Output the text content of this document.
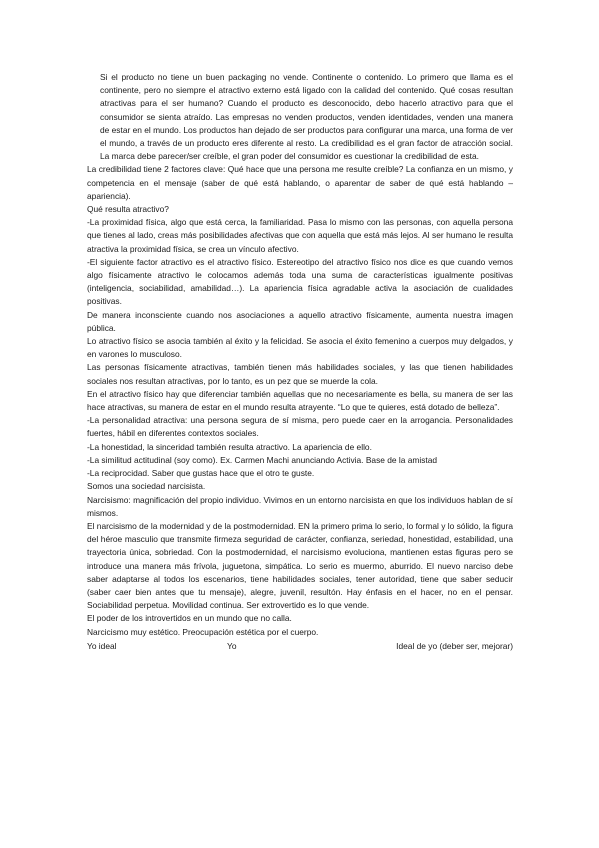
Si el producto no tiene un buen packaging no vende. Continente o contenido. Lo primero que llama es el continente, pero no siempre el atractivo externo está ligado con la calidad del contenido. Qué cosas resultan atractivas para el ser humano? Cuando el producto es desconocido, debo hacerlo atractivo para que el consumidor se sienta atraído. Las empresas no venden productos, venden identidades, venden una manera de estar en el mundo. Los productos han dejado de ser productos para configurar una marca, una forma de ver el mundo, a través de un producto eres diferente al resto. La credibilidad es el gran factor de atracción social. La marca debe parecer/ser creíble, el gran poder del consumidor es cuestionar la credibilidad de esta.

La credibilidad tiene 2 factores clave: Qué hace que una persona me resulte creíble? La confianza en un mismo, y competencia en el mensaje (saber de qué está hablando, o aparentar de saber de qué está hablando – apariencia).

Qué resulta atractivo?

-La proximidad física, algo que está cerca, la familiaridad. Pasa lo mismo con las personas, con aquella persona que tienes al lado, creas más posibilidades afectivas que con aquella que está más lejos. Al ser humano le resulta atractiva la proximidad física, se crea un vínculo afectivo.

-El siguiente factor atractivo es el atractivo físico. Estereotipo del atractivo físico nos dice es que cuando vemos algo físicamente atractivo le colocamos además toda una suma de características igualmente positivas (inteligencia, sociabilidad, amabilidad…). La apariencia física agradable activa la asociación de cualidades positivas.

De manera inconsciente cuando nos asociaciones a aquello atractivo físicamente, aumenta nuestra imagen pública.

Lo atractivo físico se asocia también al éxito y la felicidad. Se asocia el éxito femenino a cuerpos muy delgados, y en varones lo musculoso.

Las personas físicamente atractivas, también tienen más habilidades sociales, y las que tienen habilidades sociales nos resultan atractivas, por lo tanto, es un pez que se muerde la cola.

En el atractivo físico hay que diferenciar también aquellas que no necesariamente es bella, su manera de ser las hace atractivas, su manera de estar en el mundo resulta atrayente. “Lo que te quieres, está dotado de belleza”.

-La personalidad atractiva: una persona segura de sí misma, pero puede caer en la arrogancia. Personalidades fuertes, hábil en diferentes contextos sociales.

-La honestidad, la sinceridad también resulta atractivo. La apariencia de ello.

-La similitud actitudinal (soy como). Ex. Carmen Machi anunciando Activia. Base de la amistad

-La reciprocidad. Saber que gustas hace que el otro te guste.

Somos una sociedad narcisista.

Narcisismo: magnificación del propio individuo. Vivimos en un entorno narcisista en que los individuos hablan de sí mismos.

El narcisismo de la modernidad y de la postmodernidad. EN la primero prima lo serio, lo formal y lo sólido, la figura del héroe masculio que transmite firmeza seguridad de carácter, confianza, seriedad, honestidad, estabilidad, una trayectoria única, sobriedad. Con la postmodernidad, el narcisismo evoluciona, mantienen estas figuras pero se introduce una manera más frívola, juguetona, simpática. Lo serio es muermo, aburrido. El nuevo narciso debe saber adaptarse al todos los escenarios, tiene habilidades sociales, tener autoridad, tiene que saber seducir (saber caer bien antes que tu mensaje), alegre, juvenil, resultón. Hay énfasis en el hacer, no en el pensar. Sociabilidad perpetua. Movilidad continua. Ser extrovertido es lo que vende.

El poder de los introvertidos en un mundo que no calla.

Narcicismo muy estético. Preocupación estética por el cuerpo.

Yo ideal	Yo	Ideal de yo (deber ser, mejorar)
